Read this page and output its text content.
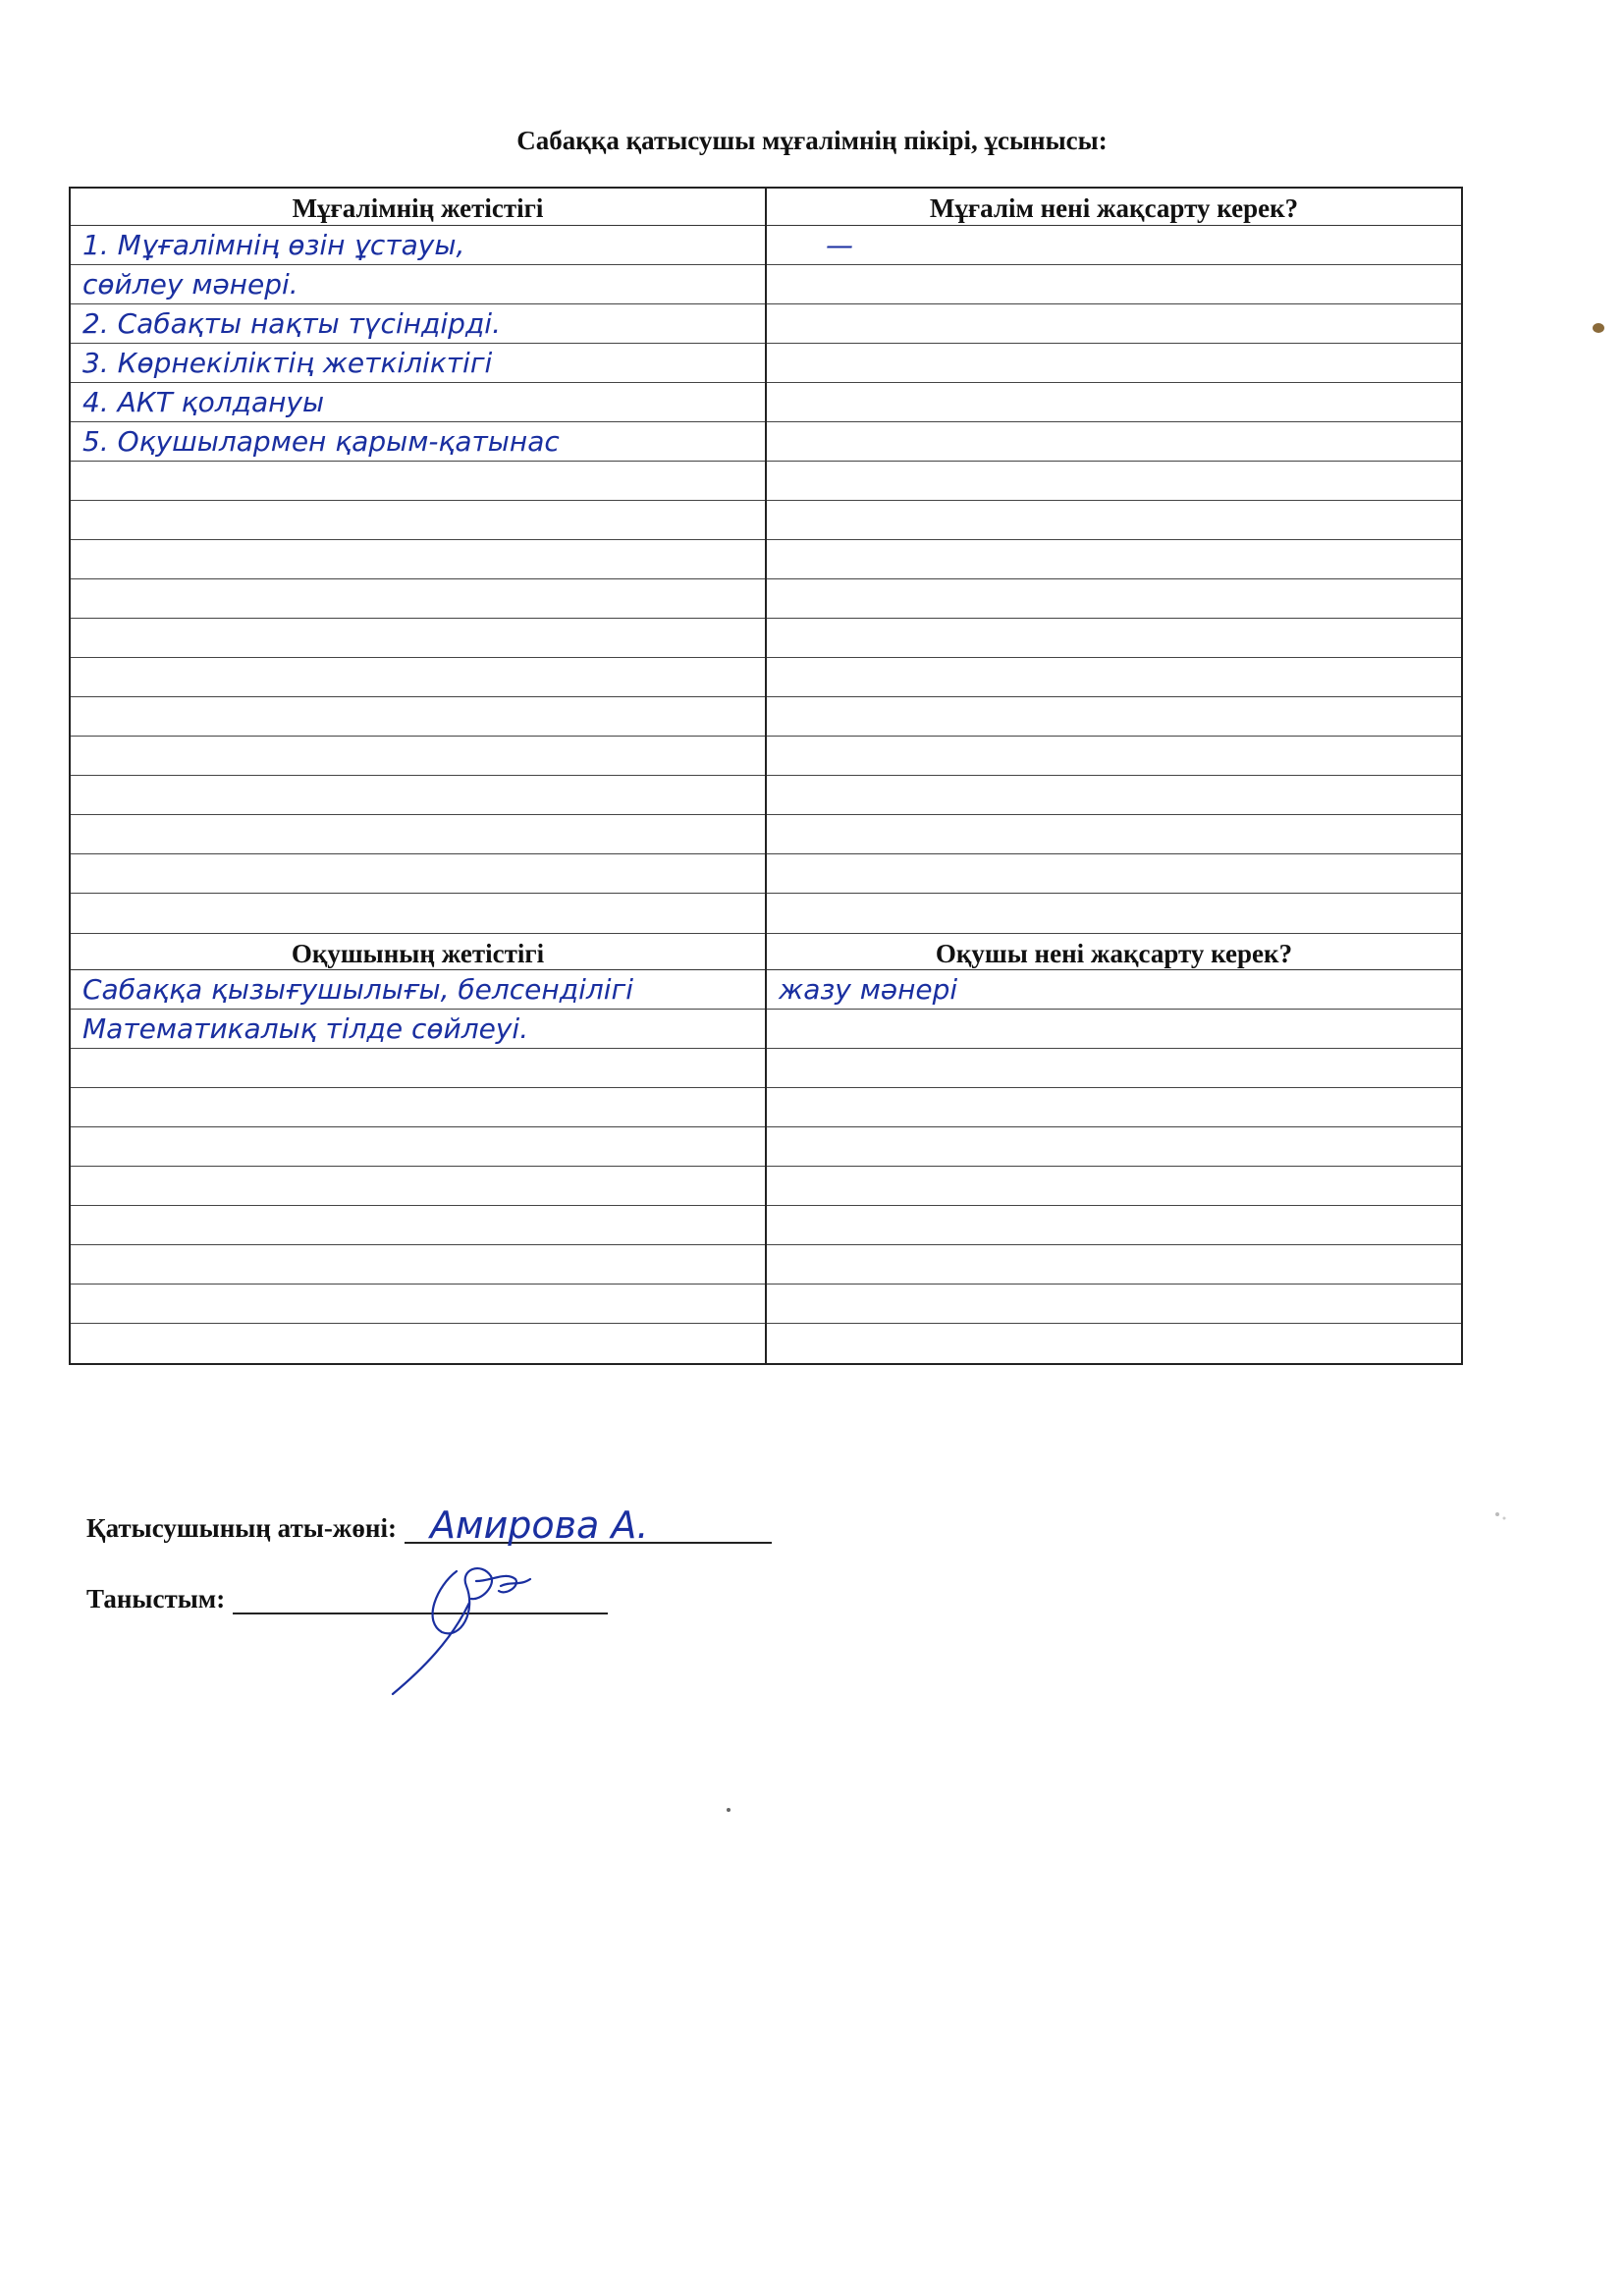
Сабаққа қатысушы мұғалімнің пікірі, ұсынысы:
Мұғалімнің жетістігі
1. Мұғалімнің өзін ұстауы,
сөйлеу мәнері.
2. Сабақты нақты түсіндірді.
3. Көрнекіліктің жеткіліктігі
4. АКТ қолдануы
5. Оқушылармен қарым-қатынас
Мұғалім нені жақсарту керек?
—
Оқушының жетістігі
Сабаққа қызығушылығы, белсенділігі
Математикалық тілде сөйлеуі.
Оқушы нені жақсарту керек?
жазу мәнері
Қатысушының аты-жөні: Амирова А.
Таныстым:
